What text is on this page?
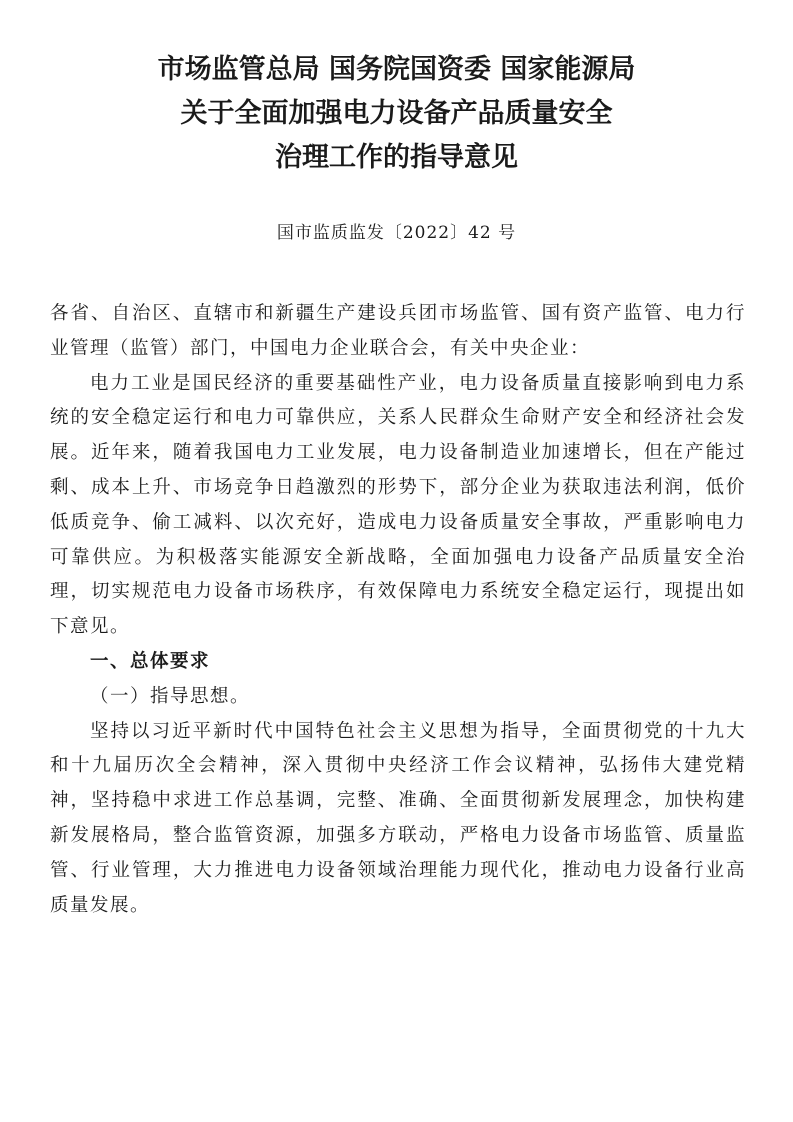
市场监管总局 国务院国资委 国家能源局
关于全面加强电力设备产品质量安全
治理工作的指导意见
国市监质监发〔2022〕42 号

各省、自治区、直辖市和新疆生产建设兵团市场监管、国有资产监管、电力行业管理（监管）部门，中国电力企业联合会，有关中央企业：

电力工业是国民经济的重要基础性产业，电力设备质量直接影响到电力系统的安全稳定运行和电力可靠供应，关系人民群众生命财产安全和经济社会发展。近年来，随着我国电力工业发展，电力设备制造业加速增长，但在产能过剩、成本上升、市场竞争日趋激烈的形势下，部分企业为获取违法利润，低价低质竞争、偷工减料、以次充好，造成电力设备质量安全事故，严重影响电力可靠供应。为积极落实能源安全新战略，全面加强电力设备产品质量安全治理，切实规范电力设备市场秩序，有效保障电力系统安全稳定运行，现提出如下意见。

一、总体要求

（一）指导思想。

坚持以习近平新时代中国特色社会主义思想为指导，全面贯彻党的十九大和十九届历次全会精神，深入贯彻中央经济工作会议精神，弘扬伟大建党精神，坚持稳中求进工作总基调，完整、准确、全面贯彻新发展理念，加快构建新发展格局，整合监管资源，加强多方联动，严格电力设备市场监管、质量监管、行业管理，大力推进电力设备领域治理能力现代化，推动电力设备行业高质量发展。
